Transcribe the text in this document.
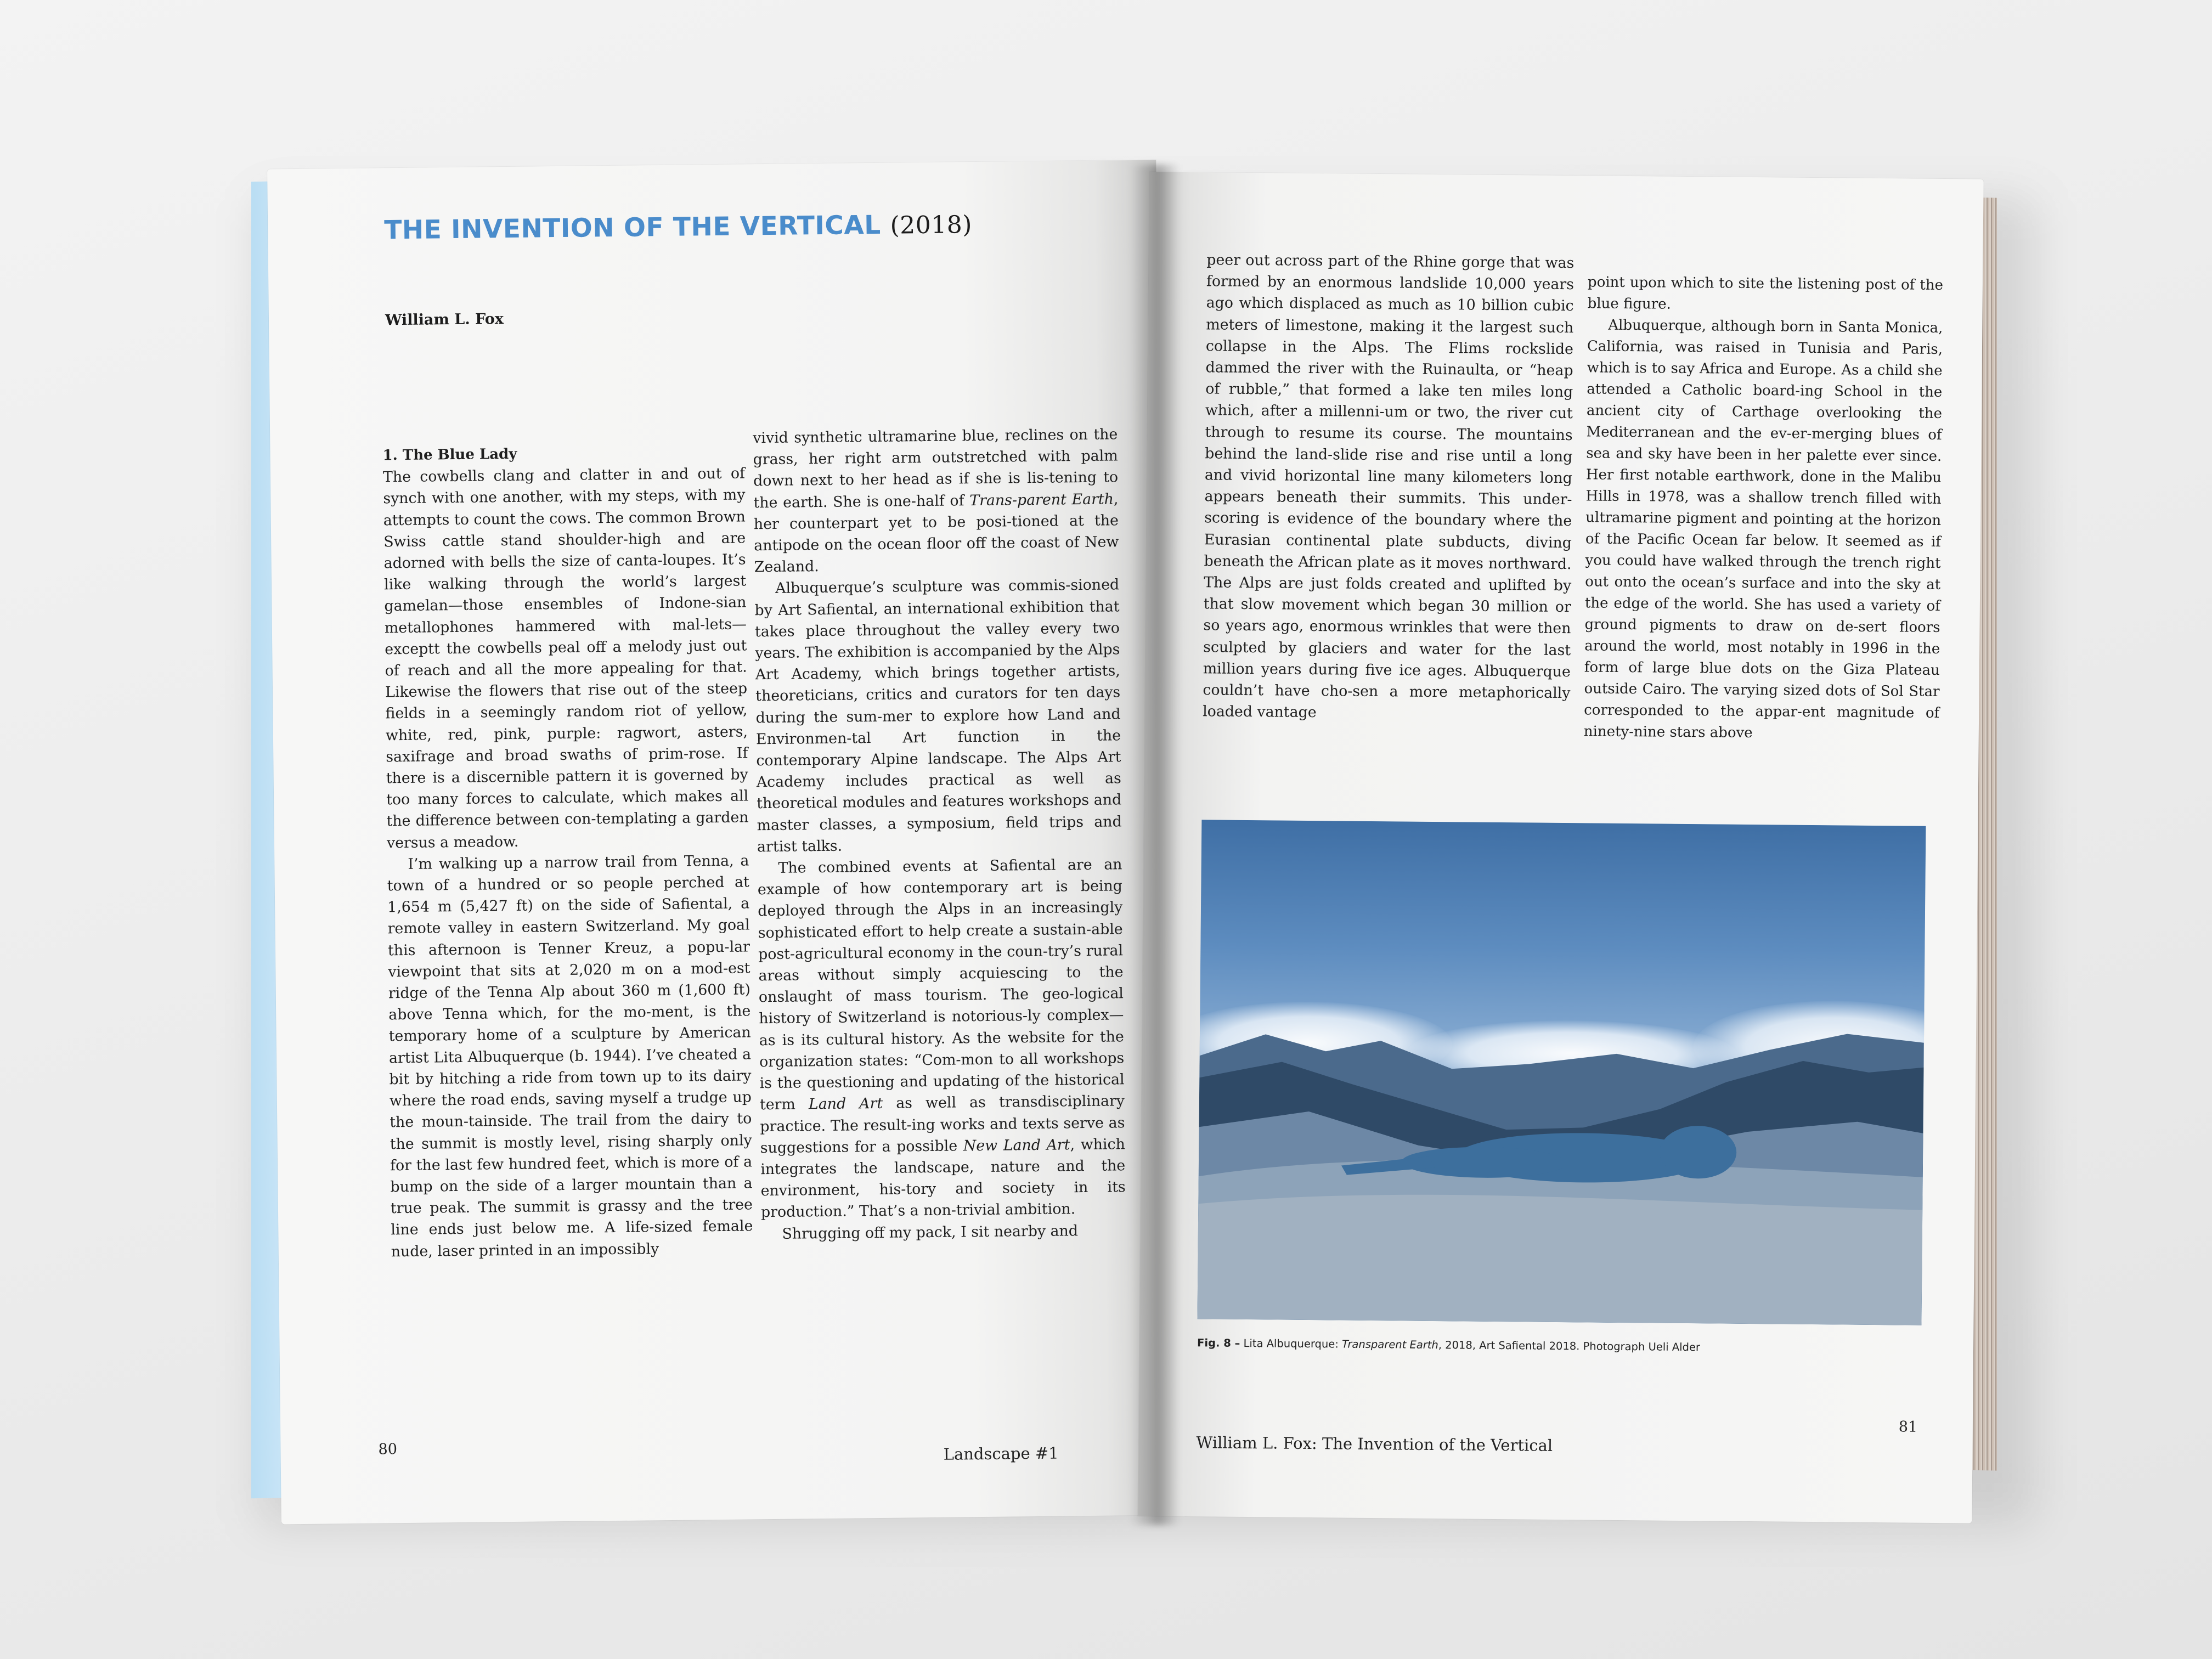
THE INVENTION OF THE VERTICAL (2018)
William L. Fox

1. The Blue Lady

The cowbells clang and clatter in and out of synch with one another, with my steps, with my attempts to count the cows. The common Brown Swiss cattle stand shoulder-high and are adorned with bells the size of canta-loupes. It’s like walking through the world’s largest gamelan—those ensembles of Indone-sian metallophones hammered with mal-lets—exceptt the cowbells peal off a melody just out of reach and all the more appealing for that. Likewise the flowers that rise out of the steep fields in a seemingly random riot of yellow, white, red, pink, purple: ragwort, asters, saxifrage and broad swaths of prim-rose. If there is a discernible pattern it is governed by too many forces to calculate, which makes all the difference between con-templating a garden versus a meadow.

I’m walking up a narrow trail from Tenna, a town of a hundred or so people perched at 1,654 m (5,427 ft) on the side of Safiental, a remote valley in eastern Switzerland. My goal this afternoon is Tenner Kreuz, a popu-lar viewpoint that sits at 2,020 m on a mod-est ridge of the Tenna Alp about 360 m (1,600 ft) above Tenna which, for the mo-ment, is the temporary home of a sculpture by American artist Lita Albuquerque (b. 1944). I’ve cheated a bit by hitching a ride from town up to its dairy where the road ends, saving myself a trudge up the moun-tainside. The trail from the dairy to the summit is mostly level, rising sharply only for the last few hundred feet, which is more of a bump on the side of a larger mountain than a true peak. The summit is grassy and the tree line ends just below me. A life-sized female nude, laser printed in an impossibly

vivid synthetic ultramarine blue, reclines on the grass, her right arm outstretched with palm down next to her head as if she is lis-tening to the earth. She is one-half of Trans-parent Earth, her counterpart yet to be posi-tioned at the antipode on the ocean floor off the coast of New Zealand.

Albuquerque’s sculpture was commis-sioned by Art Safiental, an international exhibition that takes place throughout the valley every two years. The exhibition is accompanied by the Alps Art Academy, which brings together artists, theoreticians, critics and curators for ten days during the sum-mer to explore how Land and Environmen-tal Art function in the contemporary Alpine landscape. The Alps Art Academy includes practical as well as theoretical modules and features workshops and master classes, a symposium, field trips and artist talks.

The combined events at Safiental are an example of how contemporary art is being deployed through the Alps in an increasingly sophisticated effort to help create a sustain-able post-agricultural economy in the coun-try’s rural areas without simply acquiescing to the onslaught of mass tourism. The geo-logical history of Switzerland is notorious-ly complex—as is its cultural history. As the website for the organization states: “Com-mon to all workshops is the questioning and updating of the historical term Land Art as well as transdisciplinary practice. The result-ing works and texts serve as suggestions for a possible New Land Art, which integrates the landscape, nature and the environment, his-tory and society in its production.” That’s a non-trivial ambition.

Shrugging off my pack, I sit nearby and

80	Landscape #1

peer out across part of the Rhine gorge that was formed by an enormous landslide 10,000 years ago which displaced as much as 10 billion cubic meters of limestone, making it the largest such collapse in the Alps. The Flims rockslide dammed the river with the Ruinaulta, or “heap of rubble,” that formed a lake ten miles long which, after a millenni-um or two, the river cut through to resume its course. The mountains behind the land-slide rise and rise until a long and vivid horizontal line many kilometers long appears beneath their summits. This under-scoring is evidence of the boundary where the Eurasian continental plate subducts, diving beneath the African plate as it moves northward. The Alps are just folds created and uplifted by that slow movement which began 30 million or so years ago, enormous wrinkles that were then sculpted by glaciers and water for the last million years during five ice ages. Albuquerque couldn’t have cho-sen a more metaphorically loaded vantage

point upon which to site the listening post of the blue figure.

Albuquerque, although born in Santa Monica, California, was raised in Tunisia and Paris, which is to say Africa and Europe. As a child she attended a Catholic board-ing School in the ancient city of Carthage overlooking the Mediterranean and the ev-er-merging blues of sea and sky have been in her palette ever since. Her first notable earthwork, done in the Malibu Hills in 1978, was a shallow trench filled with ultramarine pigment and pointing at the horizon of the Pacific Ocean far below. It seemed as if you could have walked through the trench right out onto the ocean’s surface and into the sky at the edge of the world. She has used a variety of ground pigments to draw on de-sert floors around the world, most notably in 1996 in the form of large blue dots on the Giza Plateau outside Cairo. The varying sized dots of Sol Star corresponded to the appar-ent magnitude of ninety-nine stars above

Fig. 8 – Lita Albuquerque: Transparent Earth, 2018, Art Safiental 2018. Photograph Ueli Alder
81
William L. Fox: The Invention of the Vertical
